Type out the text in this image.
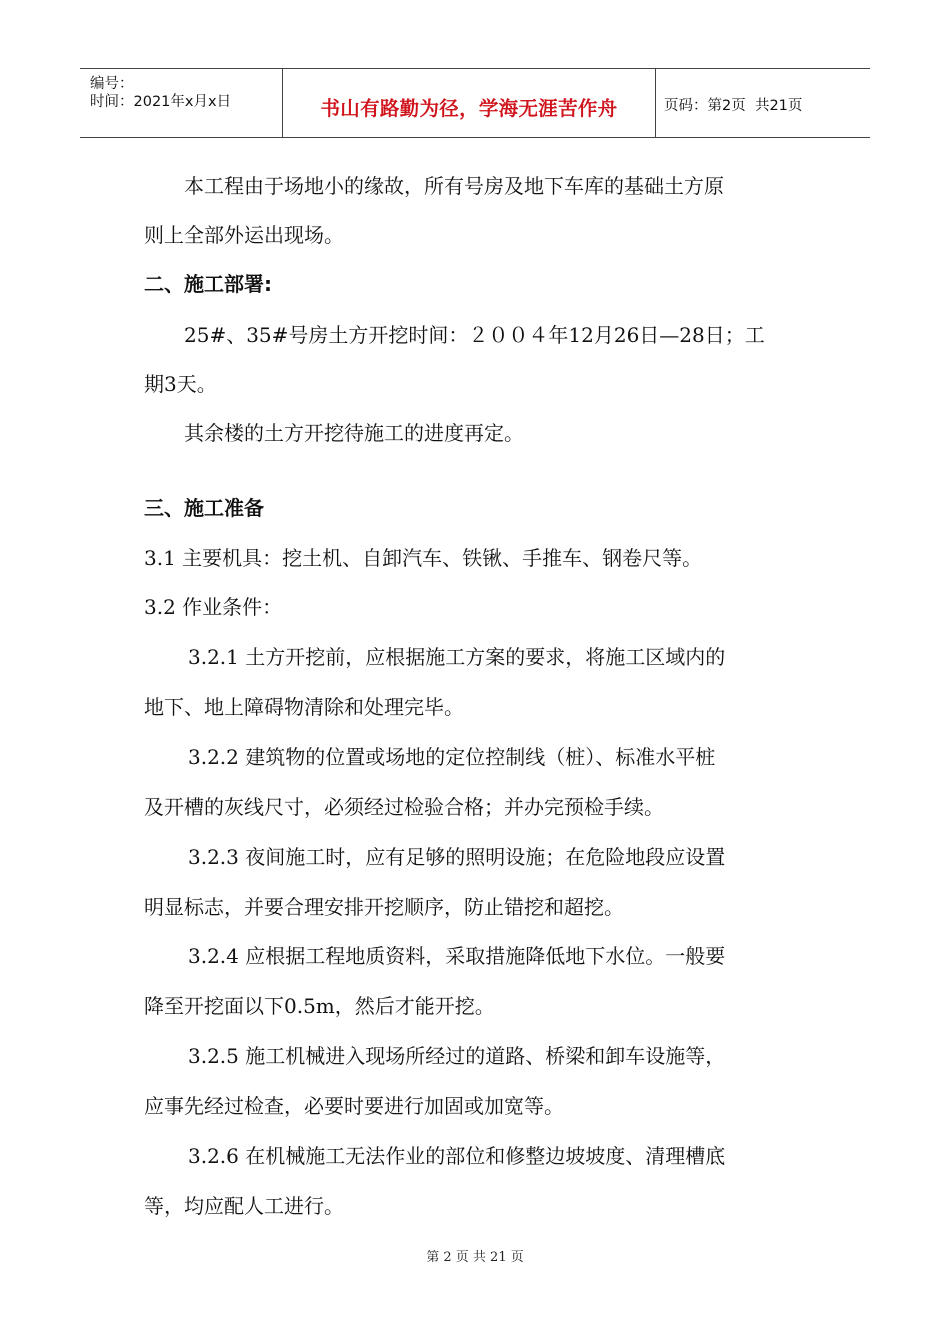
编号：
时间：2021年x月x日	书山有路勤为径，学海无涯苦作舟	页码：第2页  共21页
本工程由于场地小的缘故，所有号房及地下车库的基础土方原
则上全部外运出现场。
二、施工部署:
25#、35#号房土方开挖时间：２００４年12月26日—28日；工
期3天。
其余楼的土方开挖待施工的进度再定。
三、施工准备
3.1 主要机具：挖土机、自卸汽车、铁锹、手推车、钢卷尺等。
3.2 作业条件：
3.2.1 土方开挖前，应根据施工方案的要求，将施工区域内的
地下、地上障碍物清除和处理完毕。
3.2.2 建筑物的位置或场地的定位控制线（桩）、标准水平桩
及开槽的灰线尺寸，必须经过检验合格；并办完预检手续。
3.2.3 夜间施工时，应有足够的照明设施；在危险地段应设置
明显标志，并要合理安排开挖顺序，防止错挖和超挖。
3.2.4 应根据工程地质资料，采取措施降低地下水位。一般要
降至开挖面以下0.5m，然后才能开挖。
3.2.5 施工机械进入现场所经过的道路、桥梁和卸车设施等，
应事先经过检查，必要时要进行加固或加宽等。
3.2.6 在机械施工无法作业的部位和修整边坡坡度、清理槽底
等，均应配人工进行。
第 2 页 共 21 页
